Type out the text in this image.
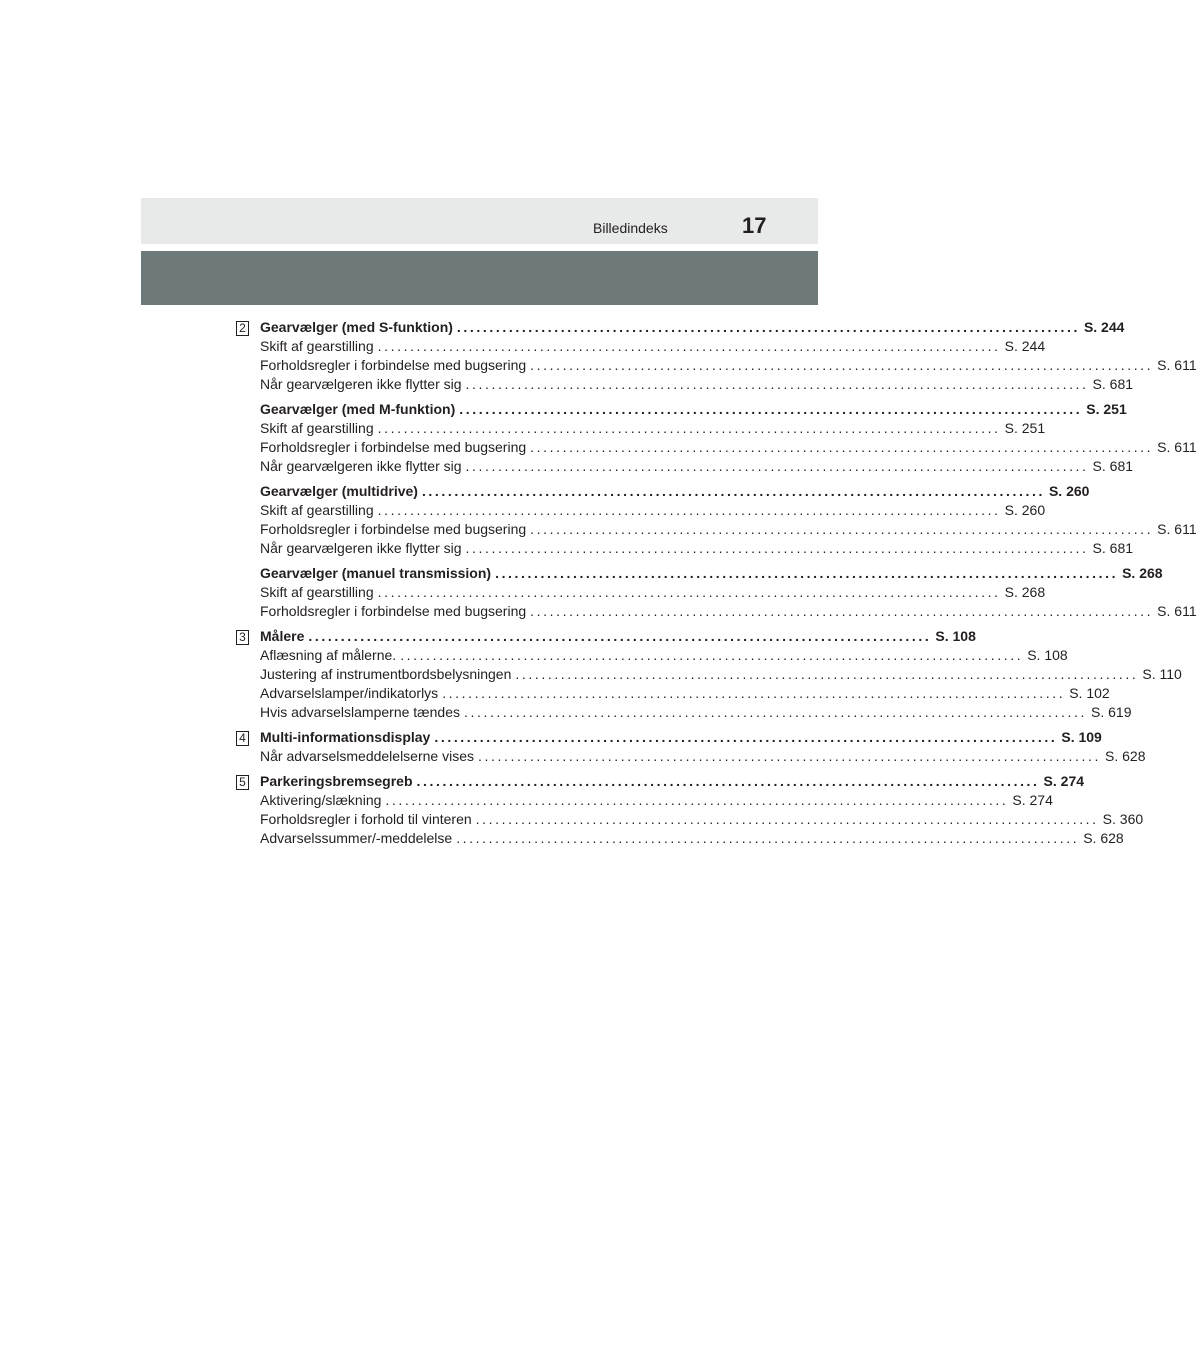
Billedindeks	17
2 Gearvælger (med S-funktion) ................................................................................................ S. 244
Skift af gearstilling ................................................................................................ S. 244
Forholdsregler i forbindelse med bugsering ................................................................................................ S. 611
Når gearvælgeren ikke flytter sig ................................................................................................ S. 681
Gearvælger (med M-funktion) ................................................................................................ S. 251
Skift af gearstilling ................................................................................................ S. 251
Forholdsregler i forbindelse med bugsering ................................................................................................ S. 611
Når gearvælgeren ikke flytter sig ................................................................................................ S. 681
Gearvælger (multidrive) ................................................................................................ S. 260
Skift af gearstilling ................................................................................................ S. 260
Forholdsregler i forbindelse med bugsering ................................................................................................ S. 611
Når gearvælgeren ikke flytter sig ................................................................................................ S. 681
Gearvælger (manuel transmission) ................................................................................................ S. 268
Skift af gearstilling ................................................................................................ S. 268
Forholdsregler i forbindelse med bugsering ................................................................................................ S. 611
3 Målere ................................................................................................ S. 108
Aflæsning af målerne. ................................................................................................ S. 108
Justering af instrumentbordsbelysningen ................................................................................................ S. 110
Advarselslamper/indikatorlys ................................................................................................ S. 102
Hvis advarselslamperne tændes ................................................................................................ S. 619
4 Multi-informationsdisplay ................................................................................................ S. 109
Når advarselsmeddelelserne vises ................................................................................................ S. 628
5 Parkeringsbremsegreb ................................................................................................ S. 274
Aktivering/slækning ................................................................................................ S. 274
Forholdsregler i forhold til vinteren ................................................................................................ S. 360
Advarselssummer/-meddelelse ................................................................................................ S. 628
